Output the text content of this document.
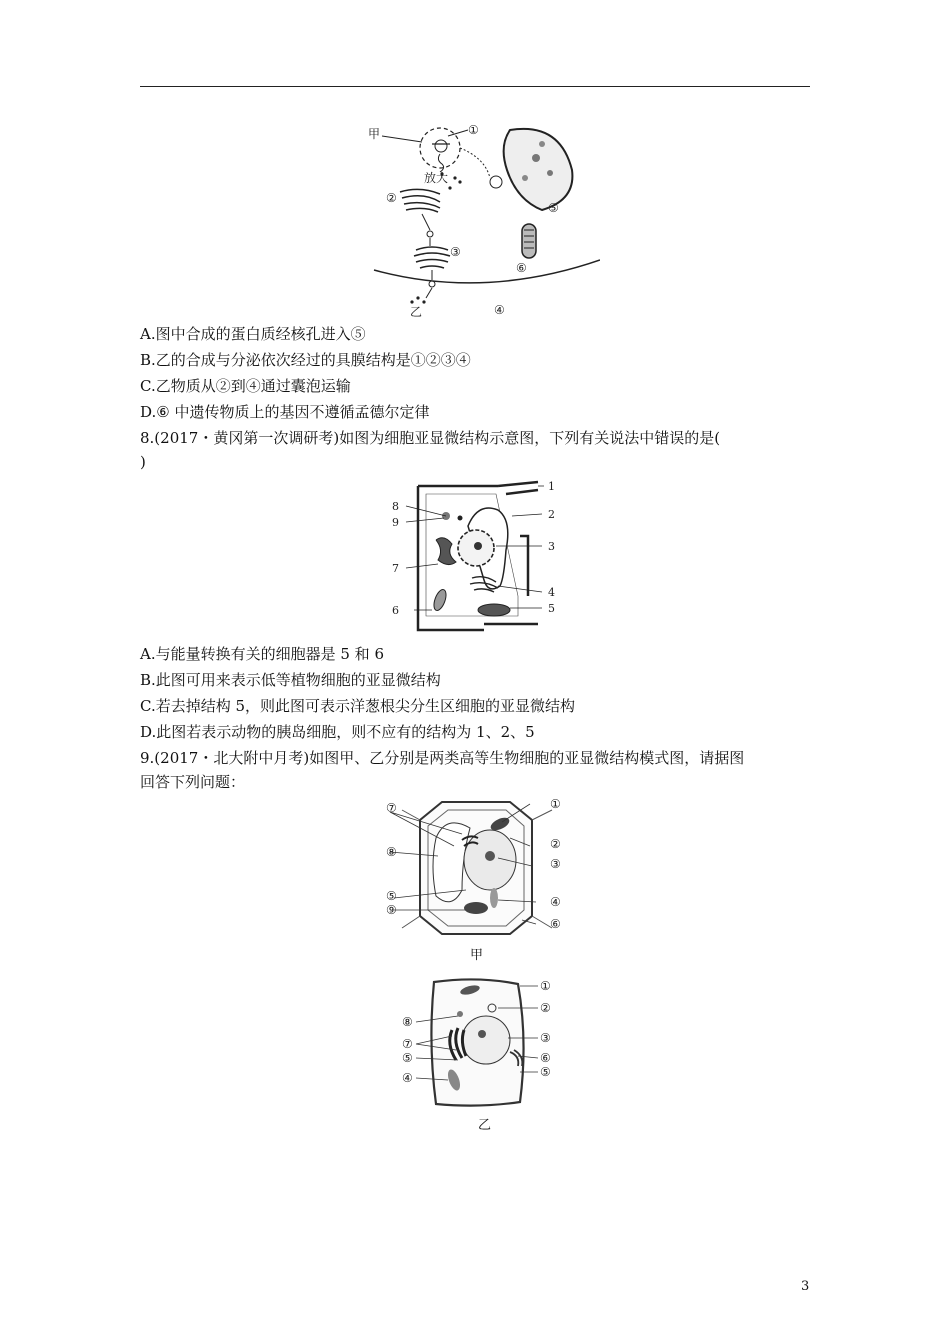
甲	①
放大
②
③
④
⑤
⑥
乙
A.图中合成的蛋白质经核孔进入⑤
B.乙的合成与分泌依次经过的具膜结构是①②③④
C.乙物质从②到④通过囊泡运输
D.⑥ 中遗传物质上的基因不遵循孟德尔定律
8.(2017・黄冈第一次调研考)如图为细胞亚显微结构示意图，下列有关说法中错误的是(
)
1
2
3
4
5
6
7
8
9
A.与能量转换有关的细胞器是 5 和 6
B.此图可用来表示低等植物细胞的亚显微结构
C.若去掉结构 5，则此图可表示洋葱根尖分生区细胞的亚显微结构
D.此图若表示动物的胰岛细胞，则不应有的结构为 1、2、5
9.(2017・北大附中月考)如图甲、乙分别是两类高等生物细胞的亚显微结构模式图，请据图
回答下列问题：
⑦
⑧
⑤
⑨
①
②
③
④
⑥
甲
①
②
③
⑥
⑤
⑧
⑦
⑤
④
乙
3
